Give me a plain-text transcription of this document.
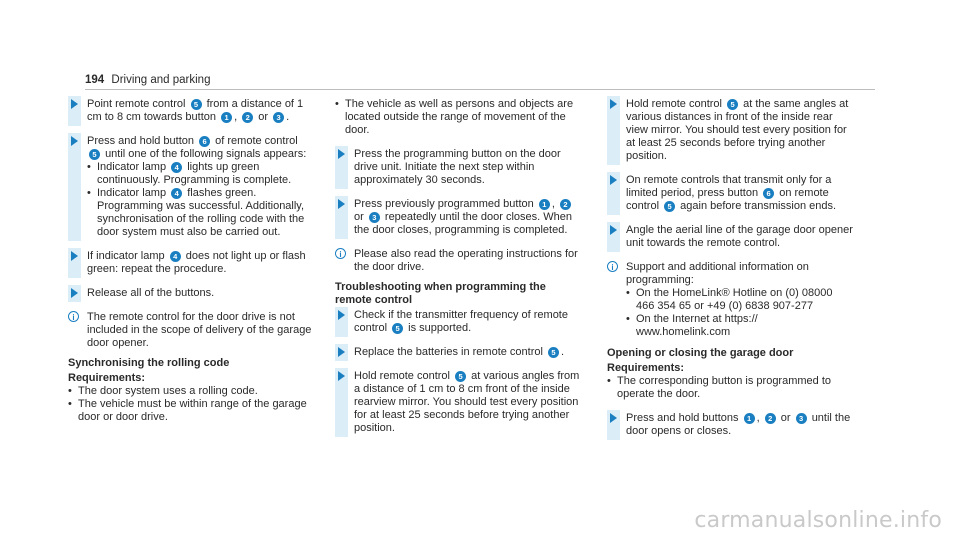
194 Driving and parking
Point remote control 5 from a distance of 1 cm to 8 cm towards button 1 , 2 or 3 .
Press and hold button 6 of remote control 5 until one of the following signals appears:
• Indicator lamp 4 lights up green continuously. Programming is complete.
• Indicator lamp 4 flashes green. Programming was successful. Additionally, synchronisation of the rolling code with the door system must also be carried out.
If indicator lamp 4 does not light up or flash green: repeat the procedure.
Release all of the buttons.
i	The remote control for the door drive is not included in the scope of delivery of the garage door opener.
Synchronising the rolling code
Requirements:
• The door system uses a rolling code.
• The vehicle must be within range of the garage door or door drive.
• The vehicle as well as persons and objects are located outside the range of movement of the door.
Press the programming button on the door drive unit. Initiate the next step within approximately 30 seconds.
Press previously programmed button 1 , 2 or 3 repeatedly until the door closes. When the door closes, programming is completed.
i	Please also read the operating instructions for the door drive.
Troubleshooting when programming the remote control
Check if the transmitter frequency of remote control 5 is supported.
Replace the batteries in remote control 5 .
Hold remote control 5 at various angles from a distance of 1 cm to 8 cm front of the inside rearview mirror. You should test every position for at least 25 seconds before trying another position.
Hold remote control 5 at the same angles at various distances in front of the inside rear view mirror. You should test every position for at least 25 seconds before trying another position.
On remote controls that transmit only for a limited period, press button 6 on remote control 5 again before transmission ends.
Angle the aerial line of the garage door opener unit towards the remote control.
i	Support and additional information on programming:
• On the HomeLink® Hotline on (0) 08000 466 354 65 or +49 (0) 6838 907-277
• On the Internet at https:// www.homelink.com
Opening or closing the garage door
Requirements:
• The corresponding button is programmed to operate the door.
Press and hold buttons 1 , 2 or 3 until the door opens or closes.
carmanualsonline.info
